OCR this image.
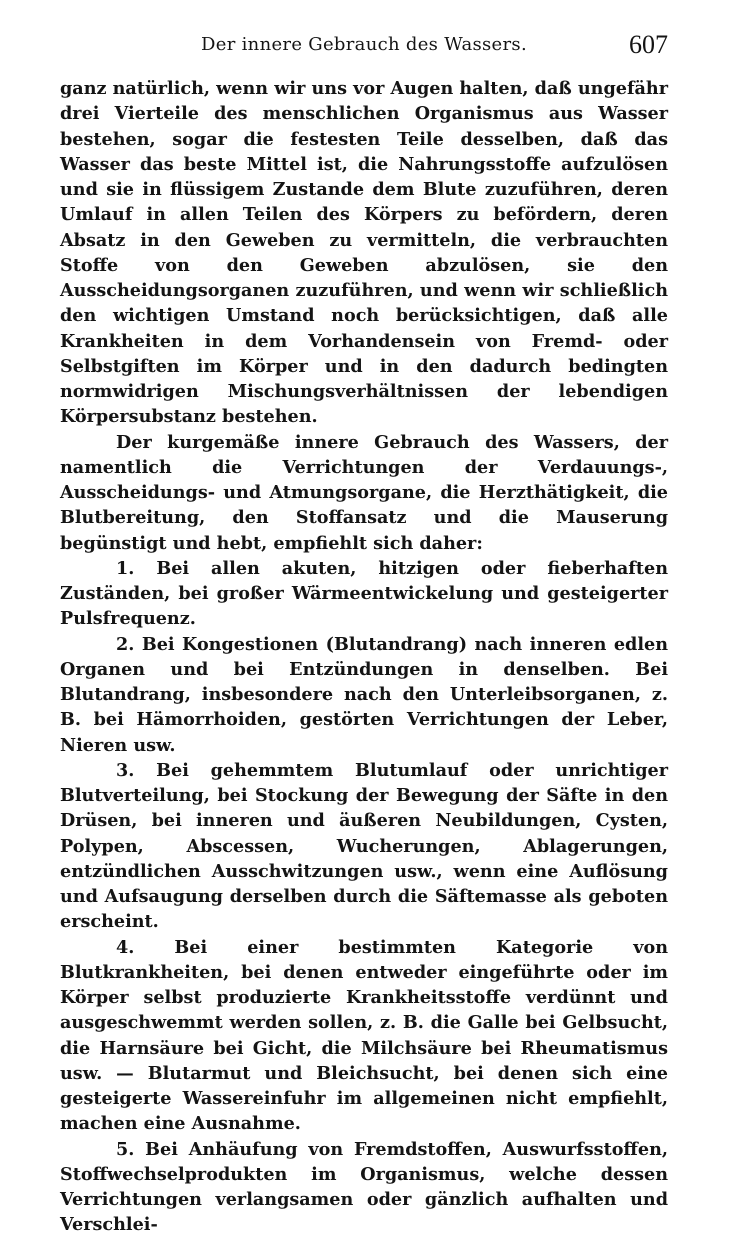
Der innere Gebrauch des Wassers.	607

ganz natürlich, wenn wir uns vor Augen halten, daß ungefähr drei Vierteile des menschlichen Organismus aus Wasser bestehen, sogar die festesten Teile desselben, daß das Wasser das beste Mittel ist, die Nahrungsstoffe aufzulösen und sie in flüssigem Zustande dem Blute zuzuführen, deren Umlauf in allen Teilen des Körpers zu befördern, deren Absatz in den Geweben zu vermitteln, die verbrauchten Stoffe von den Geweben abzulösen, sie den Ausscheidungsorganen zuzuführen, und wenn wir schließlich den wichtigen Umstand noch berücksichtigen, daß alle Krankheiten in dem Vorhandensein von Fremd- oder Selbstgiften im Körper und in den dadurch bedingten normwidrigen Mischungsverhältnissen der lebendigen Körpersubstanz bestehen.

Der kurgemäße innere Gebrauch des Wassers, der namentlich die Verrichtungen der Verdauungs-, Ausscheidungs- und Atmungsorgane, die Herzthätigkeit, die Blutbereitung, den Stoffansatz und die Mauserung begünstigt und hebt, empfiehlt sich daher:

1. Bei allen akuten, hitzigen oder fieberhaften Zuständen, bei großer Wärmeentwickelung und gesteigerter Pulsfrequenz.

2. Bei Kongestionen (Blutandrang) nach inneren edlen Organen und bei Entzündungen in denselben. Bei Blutandrang, insbesondere nach den Unterleibsorganen, z. B. bei Hämorrhoiden, gestörten Verrichtungen der Leber, Nieren usw.

3. Bei gehemmtem Blutumlauf oder unrichtiger Blutverteilung, bei Stockung der Bewegung der Säfte in den Drüsen, bei inneren und äußeren Neubildungen, Cysten, Polypen, Abscessen, Wucherungen, Ablagerungen, entzündlichen Ausschwitzungen usw., wenn eine Auflösung und Aufsaugung derselben durch die Säftemasse als geboten erscheint.

4. Bei einer bestimmten Kategorie von Blutkrankheiten, bei denen entweder eingeführte oder im Körper selbst produzierte Krankheitsstoffe verdünnt und ausgeschwemmt werden sollen, z. B. die Galle bei Gelbsucht, die Harnsäure bei Gicht, die Milchsäure bei Rheumatismus usw. — Blutarmut und Bleichsucht, bei denen sich eine gesteigerte Wassereinfuhr im allgemeinen nicht empfiehlt, machen eine Ausnahme.

5. Bei Anhäufung von Fremdstoffen, Auswurfsstoffen, Stoffwechselprodukten im Organismus, welche dessen Verrichtungen verlangsamen oder gänzlich aufhalten und Verschlei-
